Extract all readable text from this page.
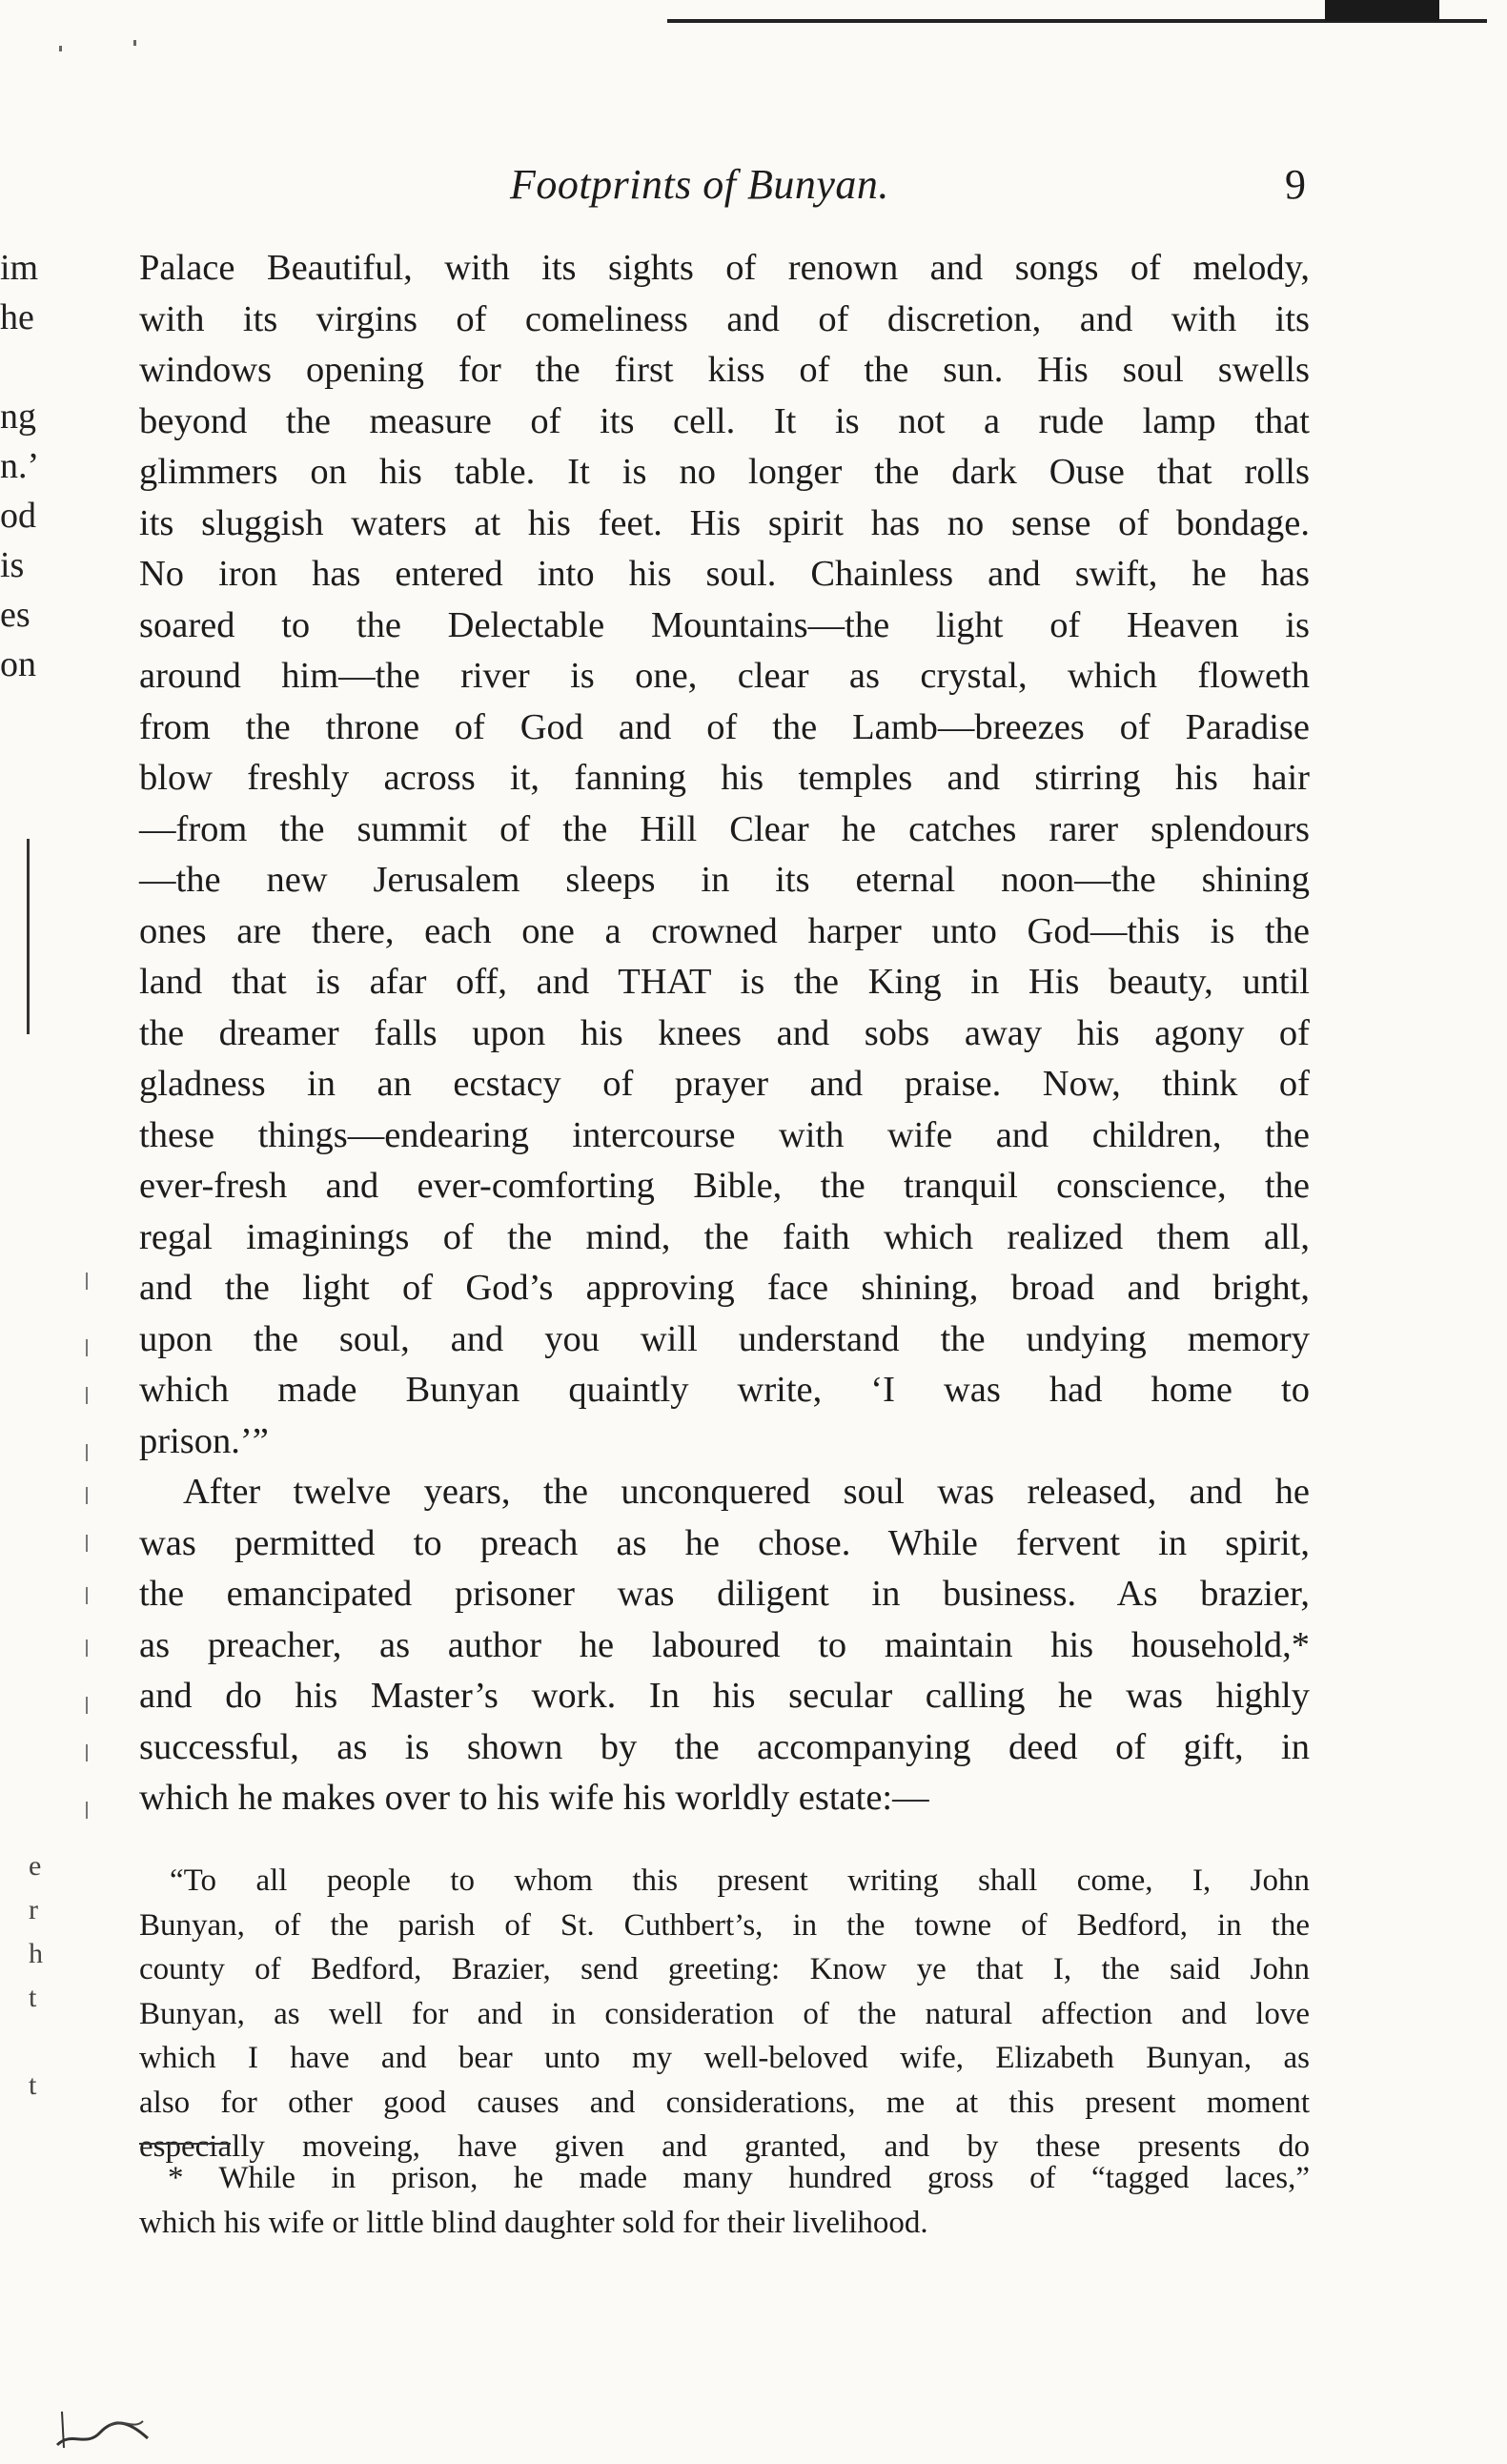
Footprints of Bunyan.	9
im
he
ng
n.’
od
is
es
on
e
r
h
t
t
Palace Beautiful, with its sights of renown and songs of melody,
with its virgins of comeliness and of discretion, and with its
windows opening for the first kiss of the sun. His soul swells
beyond the measure of its cell. It is not a rude lamp that
glimmers on his table. It is no longer the dark Ouse that rolls
its sluggish waters at his feet. His spirit has no sense of bondage.
No iron has entered into his soul. Chainless and swift, he has
soared to the Delectable Mountains—the light of Heaven is
around him—the river is one, clear as crystal, which floweth
from the throne of God and of the Lamb—breezes of Paradise
blow freshly across it, fanning his temples and stirring his hair
—from the summit of the Hill Clear he catches rarer splendours
—the new Jerusalem sleeps in its eternal noon—the shining
ones are there, each one a crowned harper unto God—this is the
land that is afar off, and THAT is the King in His beauty, until
the dreamer falls upon his knees and sobs away his agony of
gladness in an ecstacy of prayer and praise. Now, think of
these things—endearing intercourse with wife and children, the
ever-fresh and ever-comforting Bible, the tranquil conscience, the
regal imaginings of the mind, the faith which realized them all,
and the light of God’s approving face shining, broad and bright,
upon the soul, and you will understand the undying memory
which made Bunyan quaintly write, ‘I was had home to
prison.’”
After twelve years, the unconquered soul was released, and he
was permitted to preach as he chose. While fervent in spirit,
the emancipated prisoner was diligent in business. As brazier,
as preacher, as author he laboured to maintain his household,*
and do his Master’s work. In his secular calling he was highly
successful, as is shown by the accompanying deed of gift, in
which he makes over to his wife his worldly estate:—
“To all people to whom this present writing shall come, I, John
Bunyan, of the parish of St. Cuthbert’s, in the towne of Bedford, in the
county of Bedford, Brazier, send greeting: Know ye that I, the said John
Bunyan, as well for and in consideration of the natural affection and love
which I have and bear unto my well-beloved wife, Elizabeth Bunyan, as
also for other good causes and considerations, me at this present moment
especially moveing, have given and granted, and by these presents do
* While in prison, he made many hundred gross of “tagged laces,”
which his wife or little blind daughter sold for their livelihood.
